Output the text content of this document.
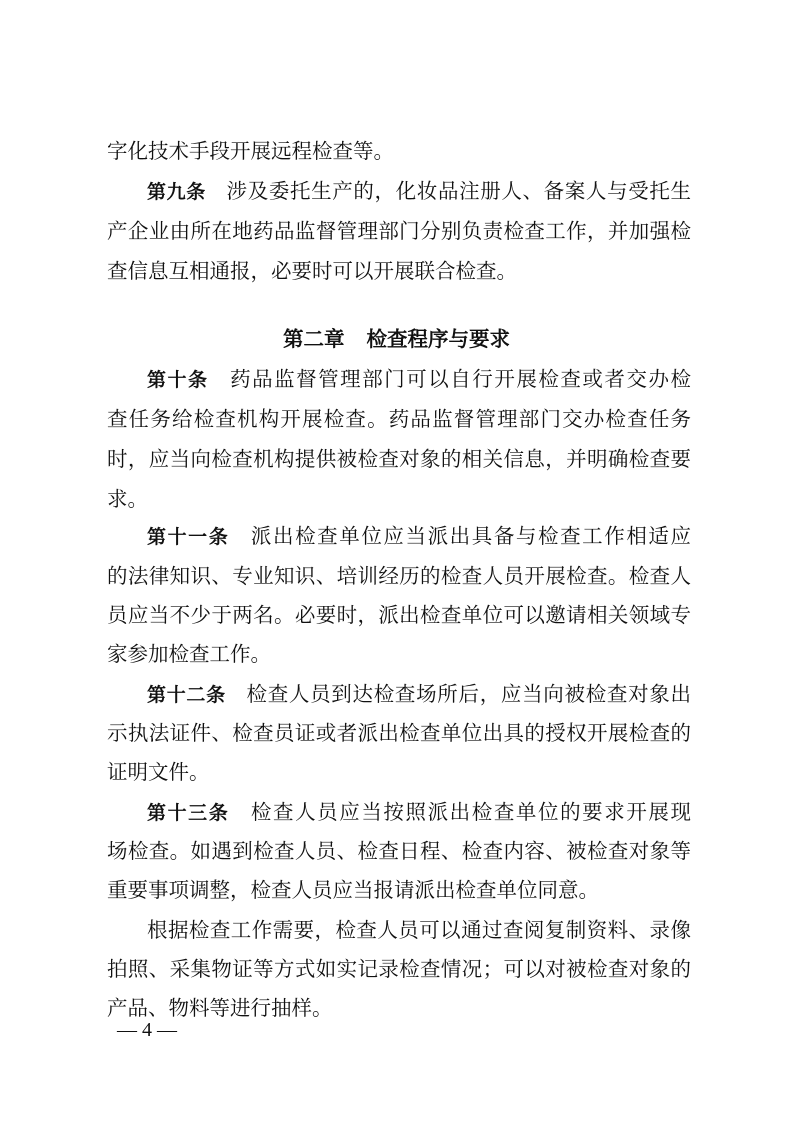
字化技术手段开展远程检查等。
第九条 涉及委托生产的，化妆品注册人、备案人与受托生
产企业由所在地药品监督管理部门分别负责检查工作，并加强检
查信息互相通报，必要时可以开展联合检查。
第二章 检查程序与要求
第十条 药品监督管理部门可以自行开展检查或者交办检
查任务给检查机构开展检查。药品监督管理部门交办检查任务
时，应当向检查机构提供被检查对象的相关信息，并明确检查要
求。
第十一条 派出检查单位应当派出具备与检查工作相适应
的法律知识、专业知识、培训经历的检查人员开展检查。检查人
员应当不少于两名。必要时，派出检查单位可以邀请相关领域专
家参加检查工作。
第十二条 检查人员到达检查场所后，应当向被检查对象出
示执法证件、检查员证或者派出检查单位出具的授权开展检查的
证明文件。
第十三条 检查人员应当按照派出检查单位的要求开展现
场检查。如遇到检查人员、检查日程、检查内容、被检查对象等
重要事项调整，检查人员应当报请派出检查单位同意。
根据检查工作需要，检查人员可以通过查阅复制资料、录像
拍照、采集物证等方式如实记录检查情况；可以对被检查对象的
产品、物料等进行抽样。
— 4 —
